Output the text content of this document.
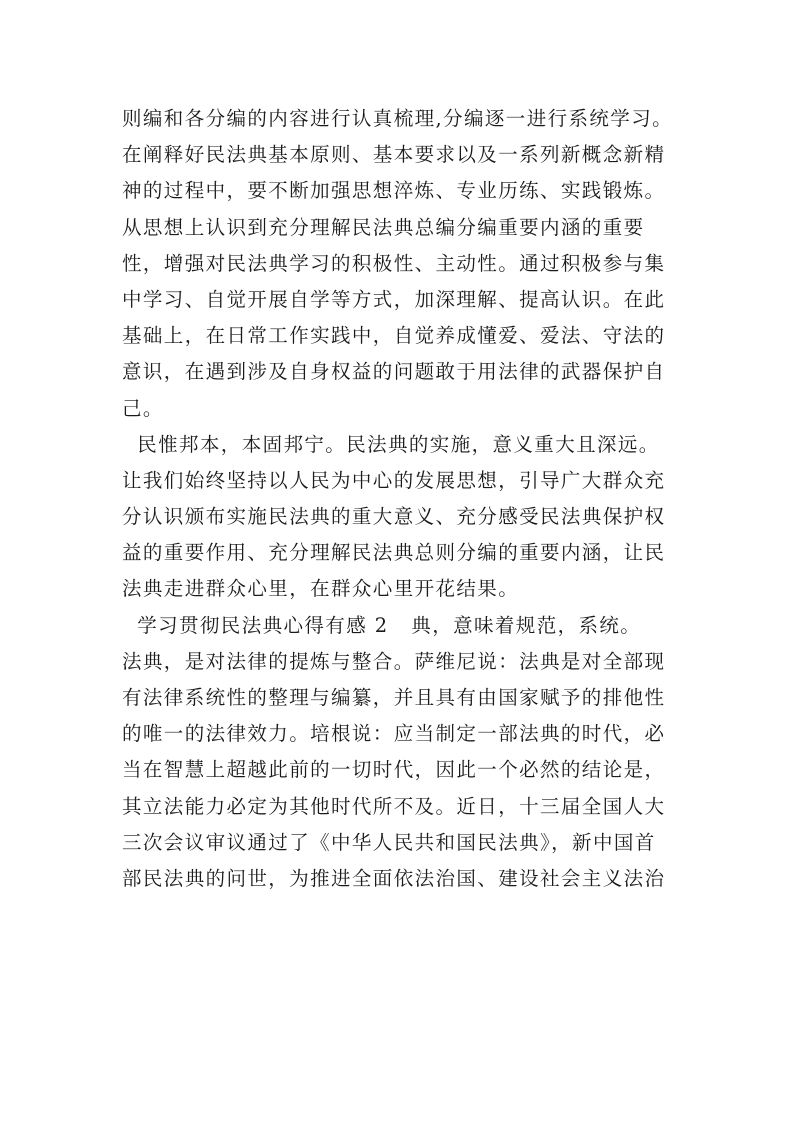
则编和各分编的内容进行认真梳理,分编逐一进行系统学习。
在阐释好民法典基本原则、基本要求以及一系列新概念新精
神的过程中，要不断加强思想淬炼、专业历练、实践锻炼。
从思想上认识到充分理解民法典总编分编重要内涵的重要
性，增强对民法典学习的积极性、主动性。通过积极参与集
中学习、自觉开展自学等方式，加深理解、提高认识。在此
基础上，在日常工作实践中，自觉养成懂爱、爱法、守法的
意识，在遇到涉及自身权益的问题敢于用法律的武器保护自
己。
民惟邦本，本固邦宁。民法典的实施，意义重大且深远。
让我们始终坚持以人民为中心的发展思想，引导广大群众充
分认识颁布实施民法典的重大意义、充分感受民法典保护权
益的重要作用、充分理解民法典总则分编的重要内涵，让民
法典走进群众心里，在群众心里开花结果。
学习贯彻民法典心得有感 2   典，意味着规范，系统。
法典，是对法律的提炼与整合。萨维尼说：法典是对全部现
有法律系统性的整理与编纂，并且具有由国家赋予的排他性
的唯一的法律效力。培根说：应当制定一部法典的时代，必
当在智慧上超越此前的一切时代，因此一个必然的结论是，
其立法能力必定为其他时代所不及。近日，十三届全国人大
三次会议审议通过了《中华人民共和国民法典》，新中国首
部民法典的问世，为推进全面依法治国、建设社会主义法治
